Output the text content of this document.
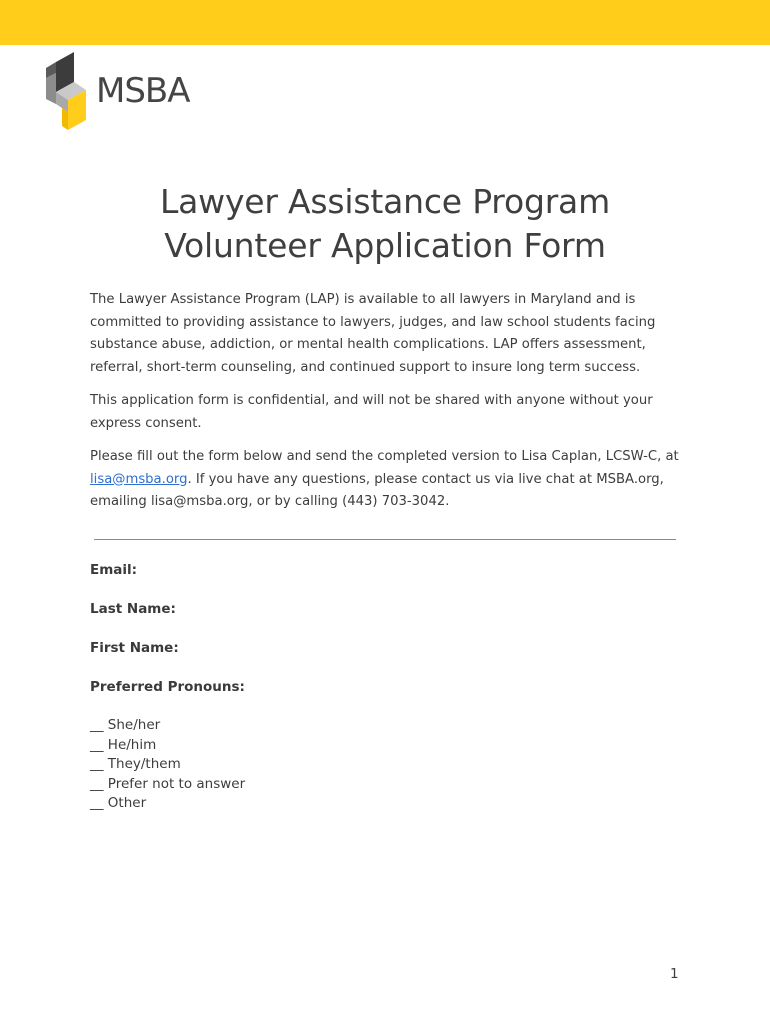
MSBA
Lawyer Assistance Program
Volunteer Application Form

The Lawyer Assistance Program (LAP) is available to all lawyers in Maryland and is committed to providing assistance to lawyers, judges, and law school students facing substance abuse, addiction, or mental health complications. LAP offers assessment, referral, short-term counseling, and continued support to insure long term success.

This application form is confidential, and will not be shared with anyone without your express consent.

Please fill out the form below and send the completed version to Lisa Caplan, LCSW-C, at lisa@msba.org. If you have any questions, please contact us via live chat at MSBA.org, emailing lisa@msba.org, or by calling (443) 703-3042.

Email:
Last Name:
First Name:
Preferred Pronouns:
__ She/her
__ He/him
__ They/them
__ Prefer not to answer
__ Other
1
